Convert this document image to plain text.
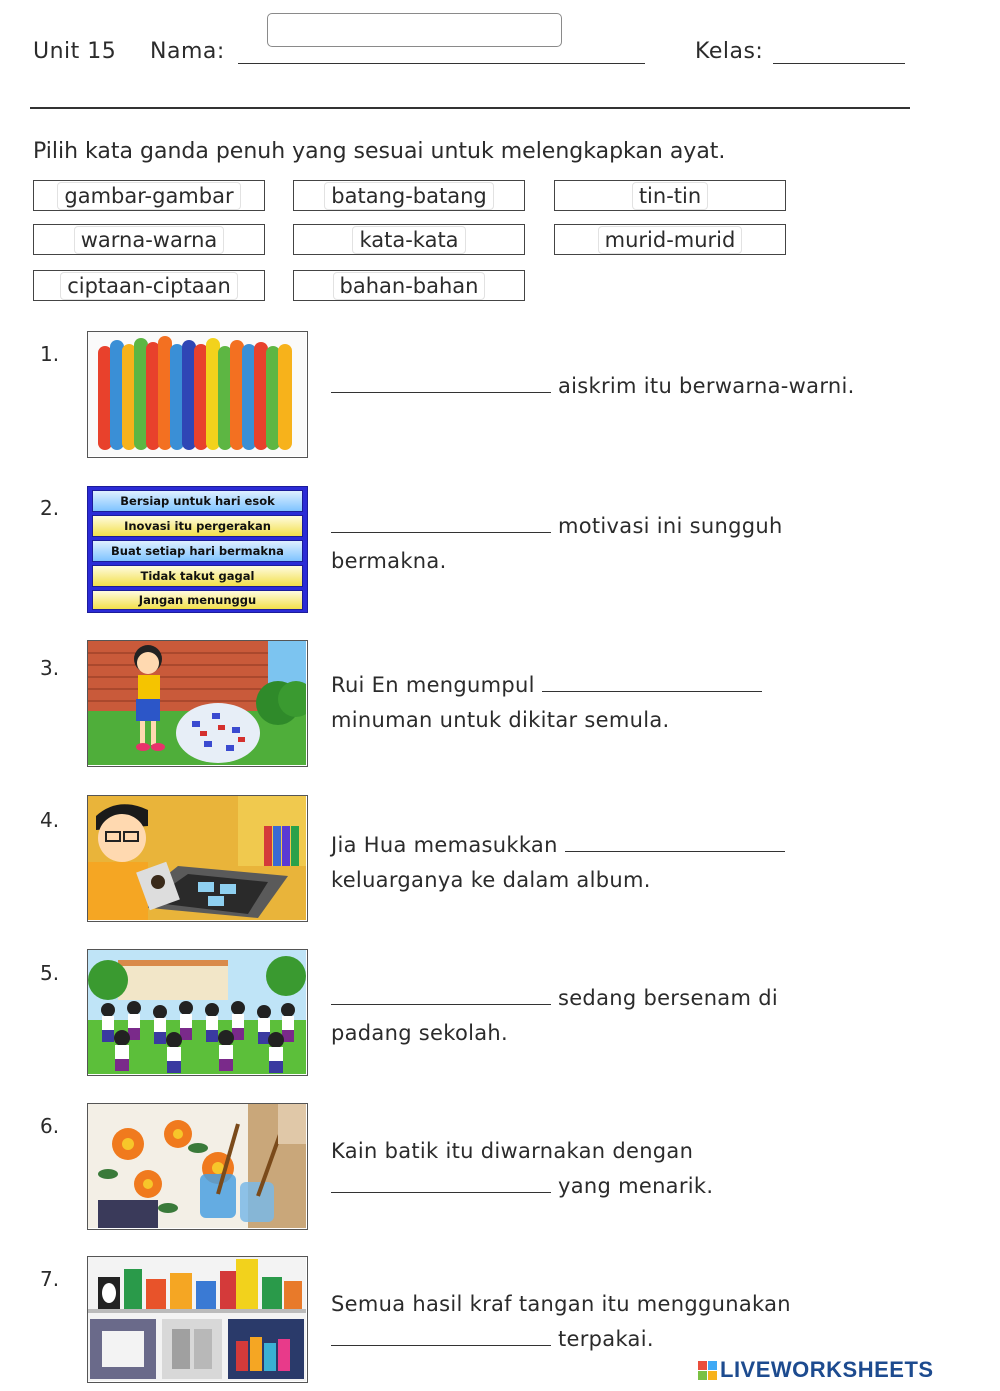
Unit 15 Nama:	Kelas:
Pilih kata ganda penuh yang sesuai untuk melengkapkan ayat.
gambar-gambar	batang-batang	tin-tin
warna-warna	kata-kata	murid-murid
ciptaan-ciptaan	bahan-bahan
1.
aiskrim itu berwarna-warni.
2.	Bersiap untuk hari esok
Inovasi itu pergerakan
Buat setiap hari bermakna
Tidak takut gagal
Jangan menunggu
motivasi ini sungguh bermakna.
3.
Rui En mengumpul  minuman untuk dikitar semula.
4.
Jia Hua memasukkan  keluarganya ke dalam album.
5.
sedang bersenam di padang sekolah.
6.
Kain batik itu diwarnakan dengan  yang menarik.
7.
Semua hasil kraf tangan itu menggunakan  terpakai.
LIVEWORKSHEETS
